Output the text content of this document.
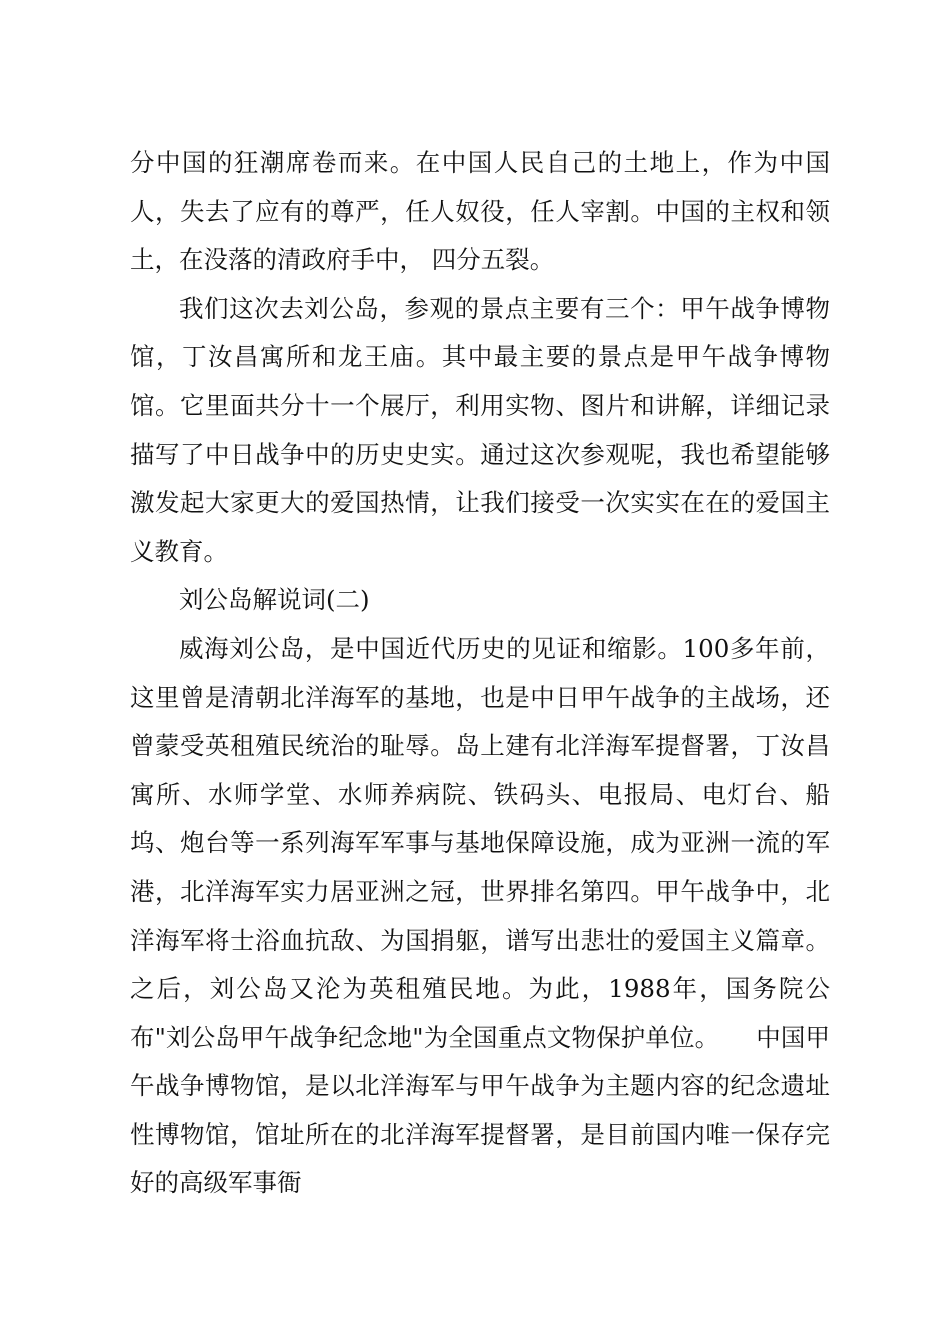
分中国的狂潮席卷而来。在中国人民自己的土地上，作为中国人，失去了应有的尊严，任人奴役，任人宰割。中国的主权和领土，在没落的清政府手中， 四分五裂。

我们这次去刘公岛，参观的景点主要有三个：甲午战争博物馆，丁汝昌寓所和龙王庙。其中最主要的景点是甲午战争博物馆。它里面共分十一个展厅，利用实物、图片和讲解，详细记录描写了中日战争中的历史史实。通过这次参观呢，我也希望能够激发起大家更大的爱国热情，让我们接受一次实实在在的爱国主义教育。

刘公岛解说词(二)

威海刘公岛，是中国近代历史的见证和缩影。100多年前，这里曾是清朝北洋海军的基地，也是中日甲午战争的主战场，还曾蒙受英租殖民统治的耻辱。岛上建有北洋海军提督署，丁汝昌寓所、水师学堂、水师养病院、铁码头、电报局、电灯台、船坞、炮台等一系列海军军事与基地保障设施，成为亚洲一流的军港，北洋海军实力居亚洲之冠，世界排名第四。甲午战争中，北洋海军将士浴血抗敌、为国捐躯，谱写出悲壮的爱国主义篇章。之后，刘公岛又沦为英租殖民地。为此，1988年，国务院公布"刘公岛甲午战争纪念地"为全国重点文物保护单位。　　中国甲午战争博物馆，是以北洋海军与甲午战争为主题内容的纪念遗址性博物馆，馆址所在的北洋海军提督署，是目前国内唯一保存完好的高级军事衙
